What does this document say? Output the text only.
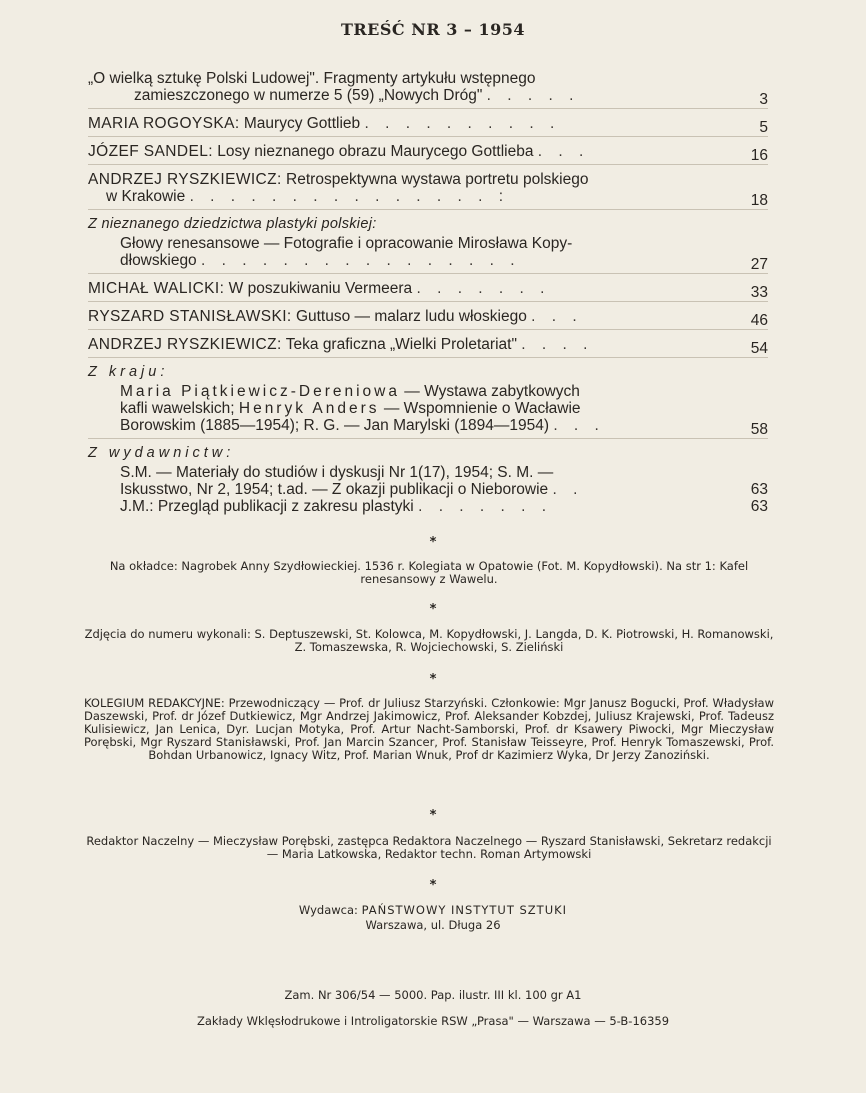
TREŚĆ NR 3 – 1954
„O wielką sztukę Polski Ludowej". Fragmenty artykułu wstępnego
zamieszczonego w numerze 5 (59) „Nowych Dróg" . . . . .	3
MARIA ROGOYSKA: Maurycy Gottlieb . . . . . . . . . .	5
JÓZEF SANDEL: Losy nieznanego obrazu Maurycego Gottlieba . . .	16
ANDRZEJ RYSZKIEWICZ: Retrospektywna wystawa portretu polskiego
w Krakowie . . . . . . . . . . . . . . . :	18
Z nieznanego dziedzictwa plastyki polskiej:
Głowy renesansowe — Fotografie i opracowanie Mirosława Kopy-
dłowskiego . . . . . . . . . . . . . . . .	27
MICHAŁ WALICKI: W poszukiwaniu Vermeera . . . . . . .	33
RYSZARD STANISŁAWSKI: Guttuso — malarz ludu włoskiego . . .	46
ANDRZEJ RYSZKIEWICZ: Teka graficzna „Wielki Proletariat" . . . .	54
Z kraju:
Maria Piątkiewicz-Dereniowa — Wystawa zabytkowych
kafli wawelskich; Henryk Anders — Wspomnienie o Wacławie
Borowskim (1885—1954); R. G. — Jan Marylski (1894—1954) . . .	58
Z wydawnictw:
S.M. — Materiały do studiów i dyskusji Nr 1(17), 1954; S. M. —
Iskusstwo, Nr 2, 1954; t.ad. — Z okazji publikacji o Nieborowie . .	63
J.M.: Przegląd publikacji z zakresu plastyki . . . . . . .	63
*
Na okładce: Nagrobek Anny Szydłowieckiej. 1536 r. Kolegiata w Opatowie (Fot. M. Kopydłowski). Na str 1: Kafel renesansowy z Wawelu.
*
Zdjęcia do numeru wykonali: S. Deptuszewski, St. Kolowca, M. Kopydłowski, J. Langda, D. K. Piotrowski, H. Romanowski, Z. Tomaszewska, R. Wojciechowski, S. Zieliński
*
KOLEGIUM REDAKCYJNE: Przewodniczący — Prof. dr Juliusz Starzyński. Członkowie: Mgr Janusz Bogucki, Prof. Władysław Daszewski, Prof. dr Józef Dutkiewicz, Mgr Andrzej Jakimowicz, Prof. Aleksander Kobzdej, Juliusz Krajewski, Prof. Tadeusz Kulisiewicz, Jan Lenica, Dyr. Lucjan Motyka, Prof. Artur Nacht-Samborski, Prof. dr Ksawery Piwocki, Mgr Mieczysław Porębski, Mgr Ryszard Stanisławski, Prof. Jan Marcin Szancer, Prof. Stanisław Teisseyre, Prof. Henryk Tomaszewski, Prof. Bohdan Urbanowicz, Ignacy Witz, Prof. Marian Wnuk, Prof dr Kazimierz Wyka, Dr Jerzy Zanoziński.
*
Redaktor Naczelny — Mieczysław Porębski, zastępca Redaktora Naczelnego — Ryszard Stanisławski, Sekretarz redakcji — Maria Latkowska, Redaktor techn. Roman Artymowski
*
Wydawca: PAŃSTWOWY INSTYTUT SZTUKI
Warszawa, ul. Długa 26
Zam. Nr 306/54 — 5000. Pap. ilustr. III kl. 100 gr A1
Zakłady Wklęsłodrukowe i Introligatorskie RSW „Prasa" — Warszawa — 5-B-16359
